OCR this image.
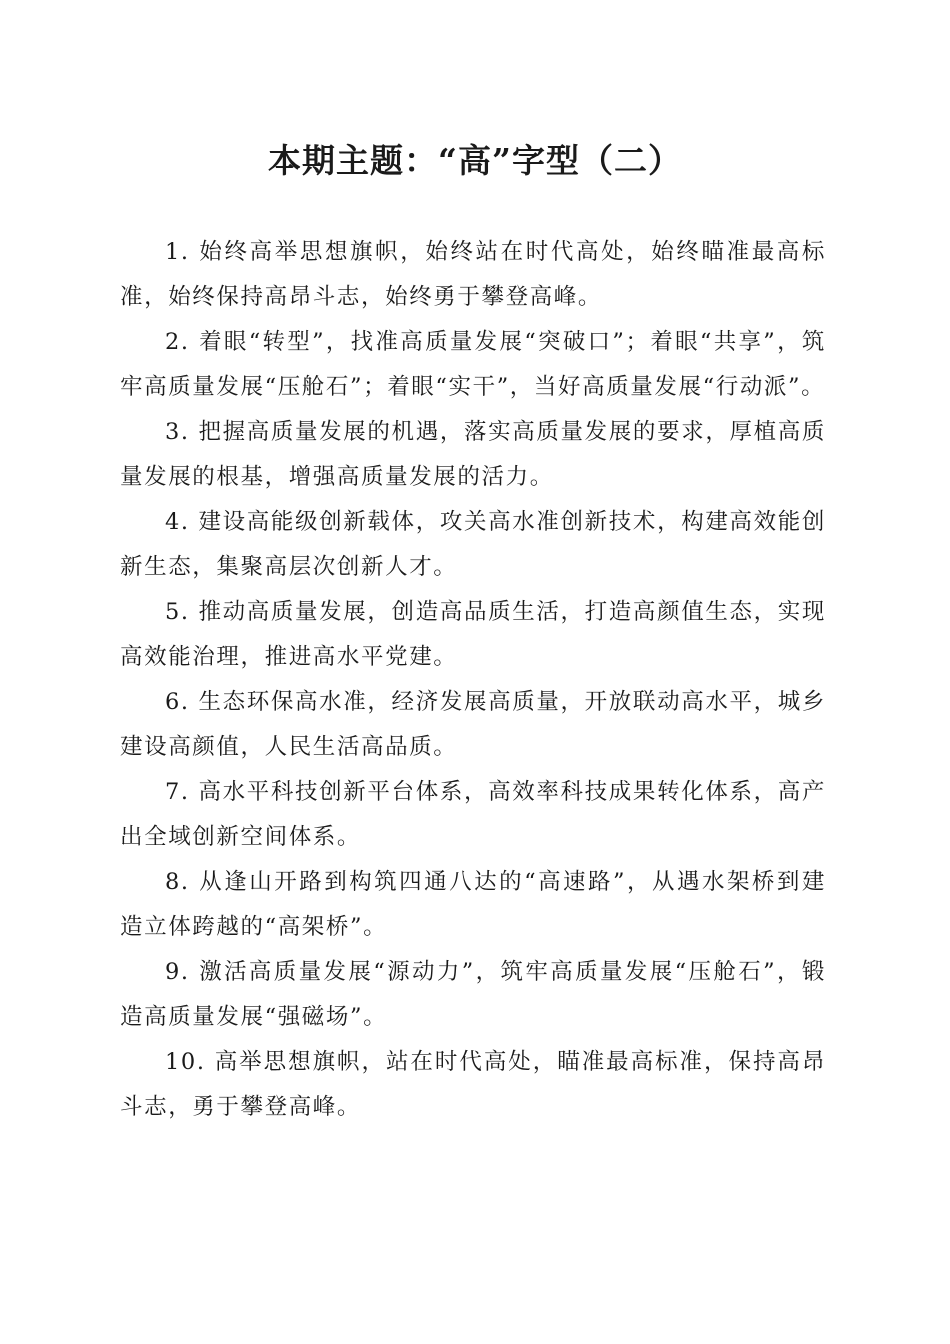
本期主题：“高”字型（二）

1. 始终高举思想旗帜，始终站在时代高处，始终瞄准最高标准，始终保持高昂斗志，始终勇于攀登高峰。

2. 着眼“转型”，找准高质量发展“突破口”；着眼“共享”，筑牢高质量发展“压舱石”；着眼“实干”，当好高质量发展“行动派”。

3. 把握高质量发展的机遇，落实高质量发展的要求，厚植高质量发展的根基，增强高质量发展的活力。

4. 建设高能级创新载体，攻关高水准创新技术，构建高效能创新生态，集聚高层次创新人才。

5. 推动高质量发展，创造高品质生活，打造高颜值生态，实现高效能治理，推进高水平党建。

6. 生态环保高水准，经济发展高质量，开放联动高水平，城乡建设高颜值，人民生活高品质。

7. 高水平科技创新平台体系，高效率科技成果转化体系，高产出全域创新空间体系。

8. 从逢山开路到构筑四通八达的“高速路”，从遇水架桥到建造立体跨越的“高架桥”。

9. 激活高质量发展“源动力”，筑牢高质量发展“压舱石”，锻造高质量发展“强磁场”。

10. 高举思想旗帜，站在时代高处，瞄准最高标准，保持高昂斗志，勇于攀登高峰。
